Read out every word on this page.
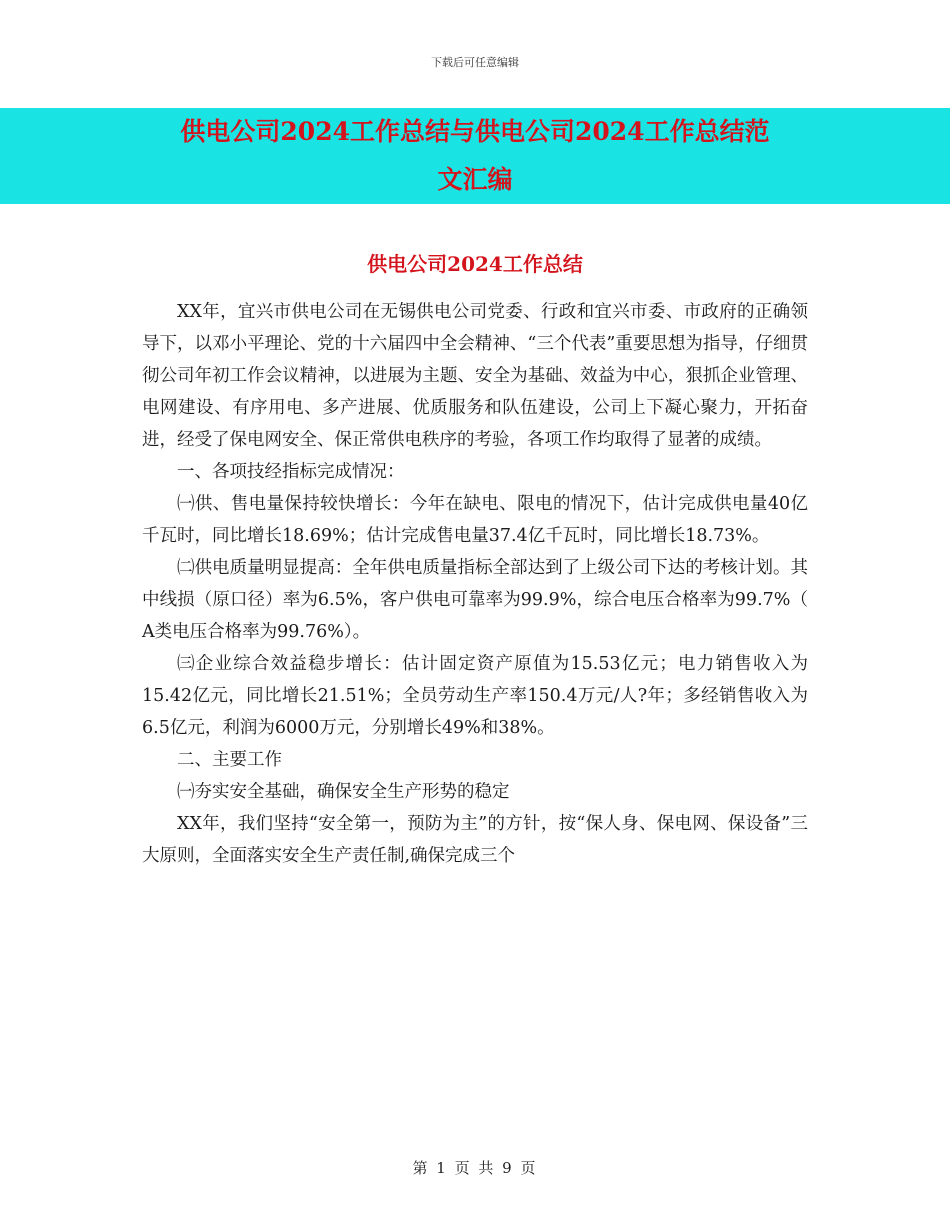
下载后可任意编辑
供电公司2024工作总结与供电公司2024工作总结范
文汇编
供电公司2024工作总结

XX年，宜兴市供电公司在无锡供电公司党委、行政和宜兴市委、市政府的正确领导下，以邓小平理论、党的十六届四中全会精神、“三个代表”重要思想为指导，仔细贯彻公司年初工作会议精神，以进展为主题、安全为基础、效益为中心，狠抓企业管理、电网建设、有序用电、多产进展、优质服务和队伍建设，公司上下凝心聚力，开拓奋进，经受了保电网安全、保正常供电秩序的考验，各项工作均取得了显著的成绩。

一、各项技经指标完成情况：

㈠供、售电量保持较快增长：今年在缺电、限电的情况下，估计完成供电量40亿千瓦时，同比增长18.69%；估计完成售电量37.4亿千瓦时，同比增长18.73%。

㈡供电质量明显提高：全年供电质量指标全部达到了上级公司下达的考核计划。其中线损（原口径）率为6.5%，客户供电可靠率为99.9%，综合电压合格率为99.7%（ A类电压合格率为99.76%）。

㈢企业综合效益稳步增长：估计固定资产原值为15.53亿元；电力销售收入为15.42亿元，同比增长21.51%；全员劳动生产率150.4万元/人?年；多经销售收入为6.5亿元，利润为6000万元，分别增长49%和38%。

二、主要工作

㈠夯实安全基础，确保安全生产形势的稳定

XX年，我们坚持“安全第一，预防为主”的方针，按“保人身、保电网、保设备”三大原则，全面落实安全生产责任制,确保完成三个

第 1 页 共 9 页
